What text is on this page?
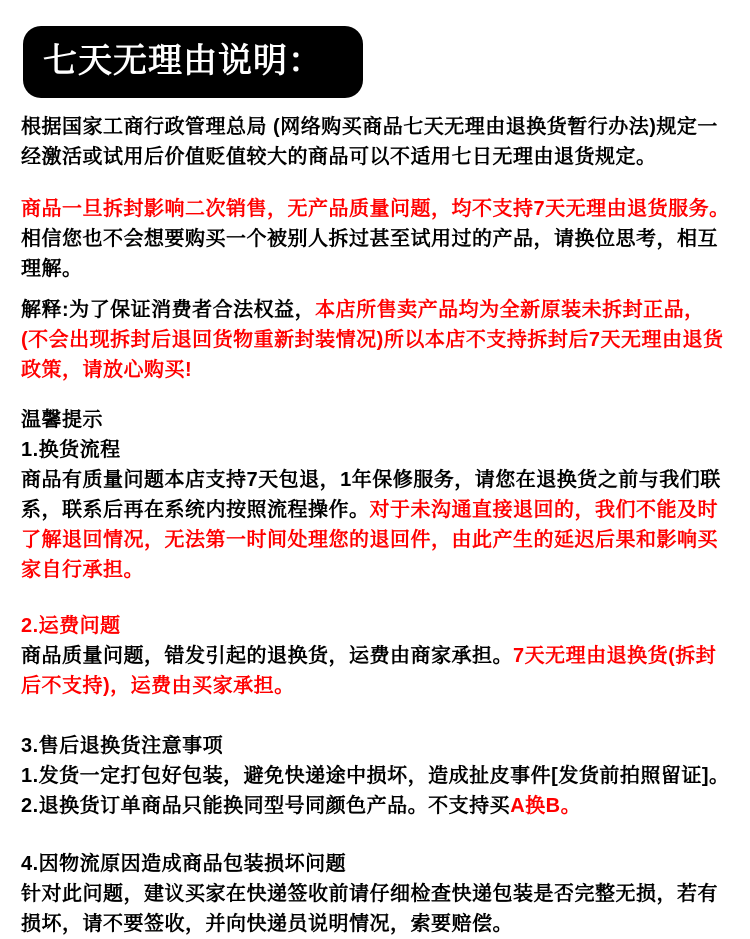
七天无理由说明：

根据国家工商行政管理总局 (网络购买商品七天无理由退换货暂行办法)规定一经激活或试用后价值贬值较大的商品可以不适用七日无理由退货规定。

商品一旦拆封影响二次销售，无产品质量问题，均不支持7天无理由退货服务。
相信您也不会想要购买一个被别人拆过甚至试用过的产品，请换位思考，相互理解。

解释:为了保证消费者合法权益，本店所售卖产品均为全新原装未拆封正品，(不会出现拆封后退回货物重新封装情况)所以本店不支持拆封后7天无理由退货政策，请放心购买!

温馨提示

1.换货流程

商品有质量问题本店支持7天包退，1年保修服务，请您在退换货之前与我们联系，联系后再在系统内按照流程操作。对于未沟通直接退回的，我们不能及时了解退回情况，无法第一时间处理您的退回件，由此产生的延迟后果和影响买家自行承担。

2.运费问题

商品质量问题，错发引起的退换货，运费由商家承担。7天无理由退换货(拆封后不支持)，运费由买家承担。

3.售后退换货注意事项

1.发货一定打包好包装，避免快递途中损坏，造成扯皮事件[发货前拍照留证]。

2.退换货订单商品只能换同型号同颜色产品。不支持买A换B。

4.因物流原因造成商品包装损坏问题

针对此问题，建议买家在快递签收前请仔细检查快递包装是否完整无损，若有损坏，请不要签收，并向快递员说明情况，索要赔偿。
